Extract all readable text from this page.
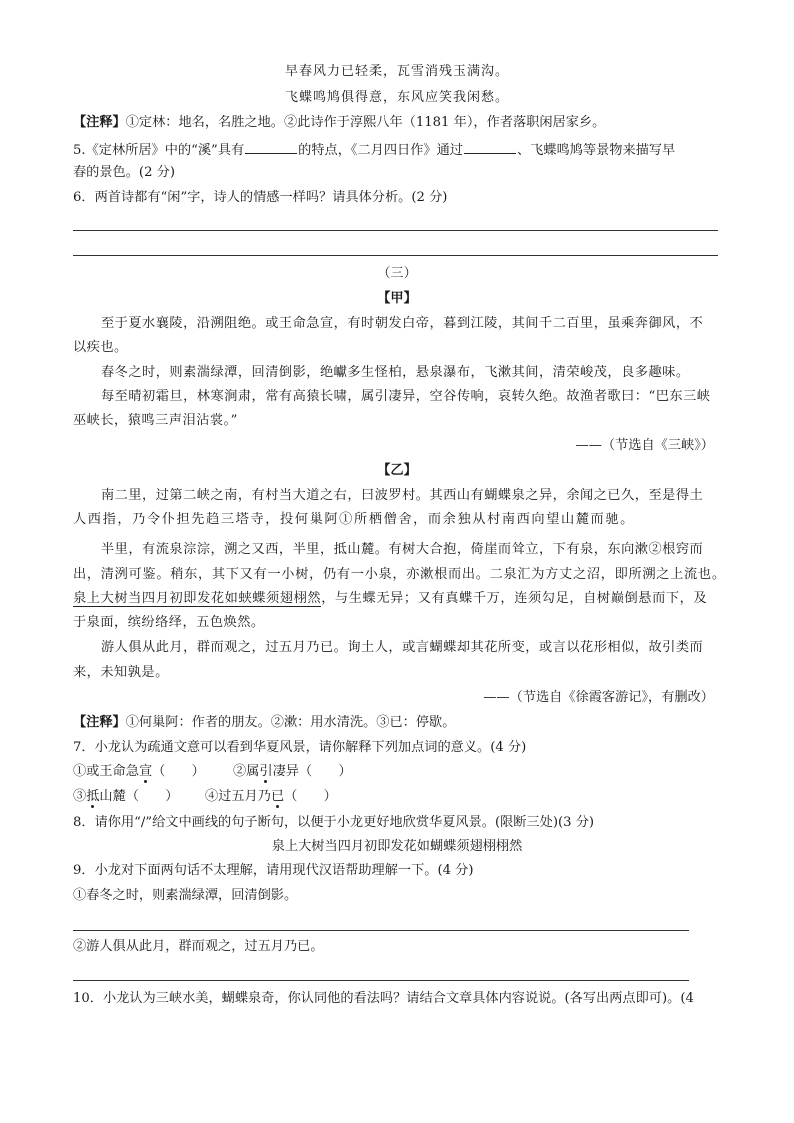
早春风力已轻柔，瓦雪消残玉满沟。
飞蝶鸣鸠俱得意，东风应笑我闲愁。
【注释】①定林：地名，名胜之地。②此诗作于淳熙八年（1181 年），作者落职闲居家乡。
5.《定林所居》中的“溪”具有	的特点，《二月四日作》通过	、飞蝶鸣鸠等景物来描写早
春的景色。(2 分)
6．两首诗都有“闲”字，诗人的情感一样吗？请具体分析。(2 分)
（三）
【甲】
至于夏水襄陵，沿溯阻绝。或王命急宣，有时朝发白帝，暮到江陵，其间千二百里，虽乘奔御风，不
以疾也。
春冬之时，则素湍绿潭，回清倒影，绝巘多生怪柏，悬泉瀑布，飞漱其间，清荣峻茂，良多趣味。
每至晴初霜旦，林寒涧肃，常有高猿长啸，属引凄异，空谷传响，哀转久绝。故渔者歌曰：“巴东三峡
巫峡长，猿鸣三声泪沾裳。”
——（节选自《三峡》）
【乙】
南二里，过第二峡之南，有村当大道之右，曰波罗村。其西山有蝴蝶泉之异，余闻之已久，至是得土
人西指，乃令仆担先趋三塔寺，投何巢阿①所栖僧舍，而余独从村南西向望山麓而驰。
半里，有流泉淙淙，溯之又西，半里，抵山麓。有树大合抱，倚崖而耸立，下有泉，东向漱②根窍而
出，清洌可鉴。稍东，其下又有一小树，仍有一小泉，亦漱根而出。二泉汇为方丈之沼，即所溯之上流也。
泉上大树当四月初即发花如蛱蝶须翅栩然，与生蝶无异；又有真蝶千万，连须勾足，自树巅倒悬而下，及
于泉面，缤纷络绎，五色焕然。
游人俱从此月，群而观之，过五月乃已。询土人，或言蝴蝶却其花所变，或言以花形相似，故引类而
来，未知孰是。
——（节选自《徐霞客游记》，有删改）
【注释】①何巢阿：作者的朋友。②漱：用水清洗。③已：停歇。
7．小龙认为疏通文意可以看到华夏风景，请你解释下列加点词的意义。(4 分)
①或王命急宣（　　） ②属引凄异（　　）
③抵山麓（　　） ④过五月乃已（　　）
8．请你用“/”给文中画线的句子断句，以便于小龙更好地欣赏华夏风景。(限断三处)(3 分)
泉上大树当四月初即发花如蝴蝶须翅栩栩然
9．小龙对下面两句话不太理解，请用现代汉语帮助理解一下。(4 分)
①春冬之时，则素湍绿潭，回清倒影。
②游人俱从此月，群而观之，过五月乃已。
10．小龙认为三峡水美，蝴蝶泉奇，你认同他的看法吗？请结合文章具体内容说说。(各写出两点即可)。(4
